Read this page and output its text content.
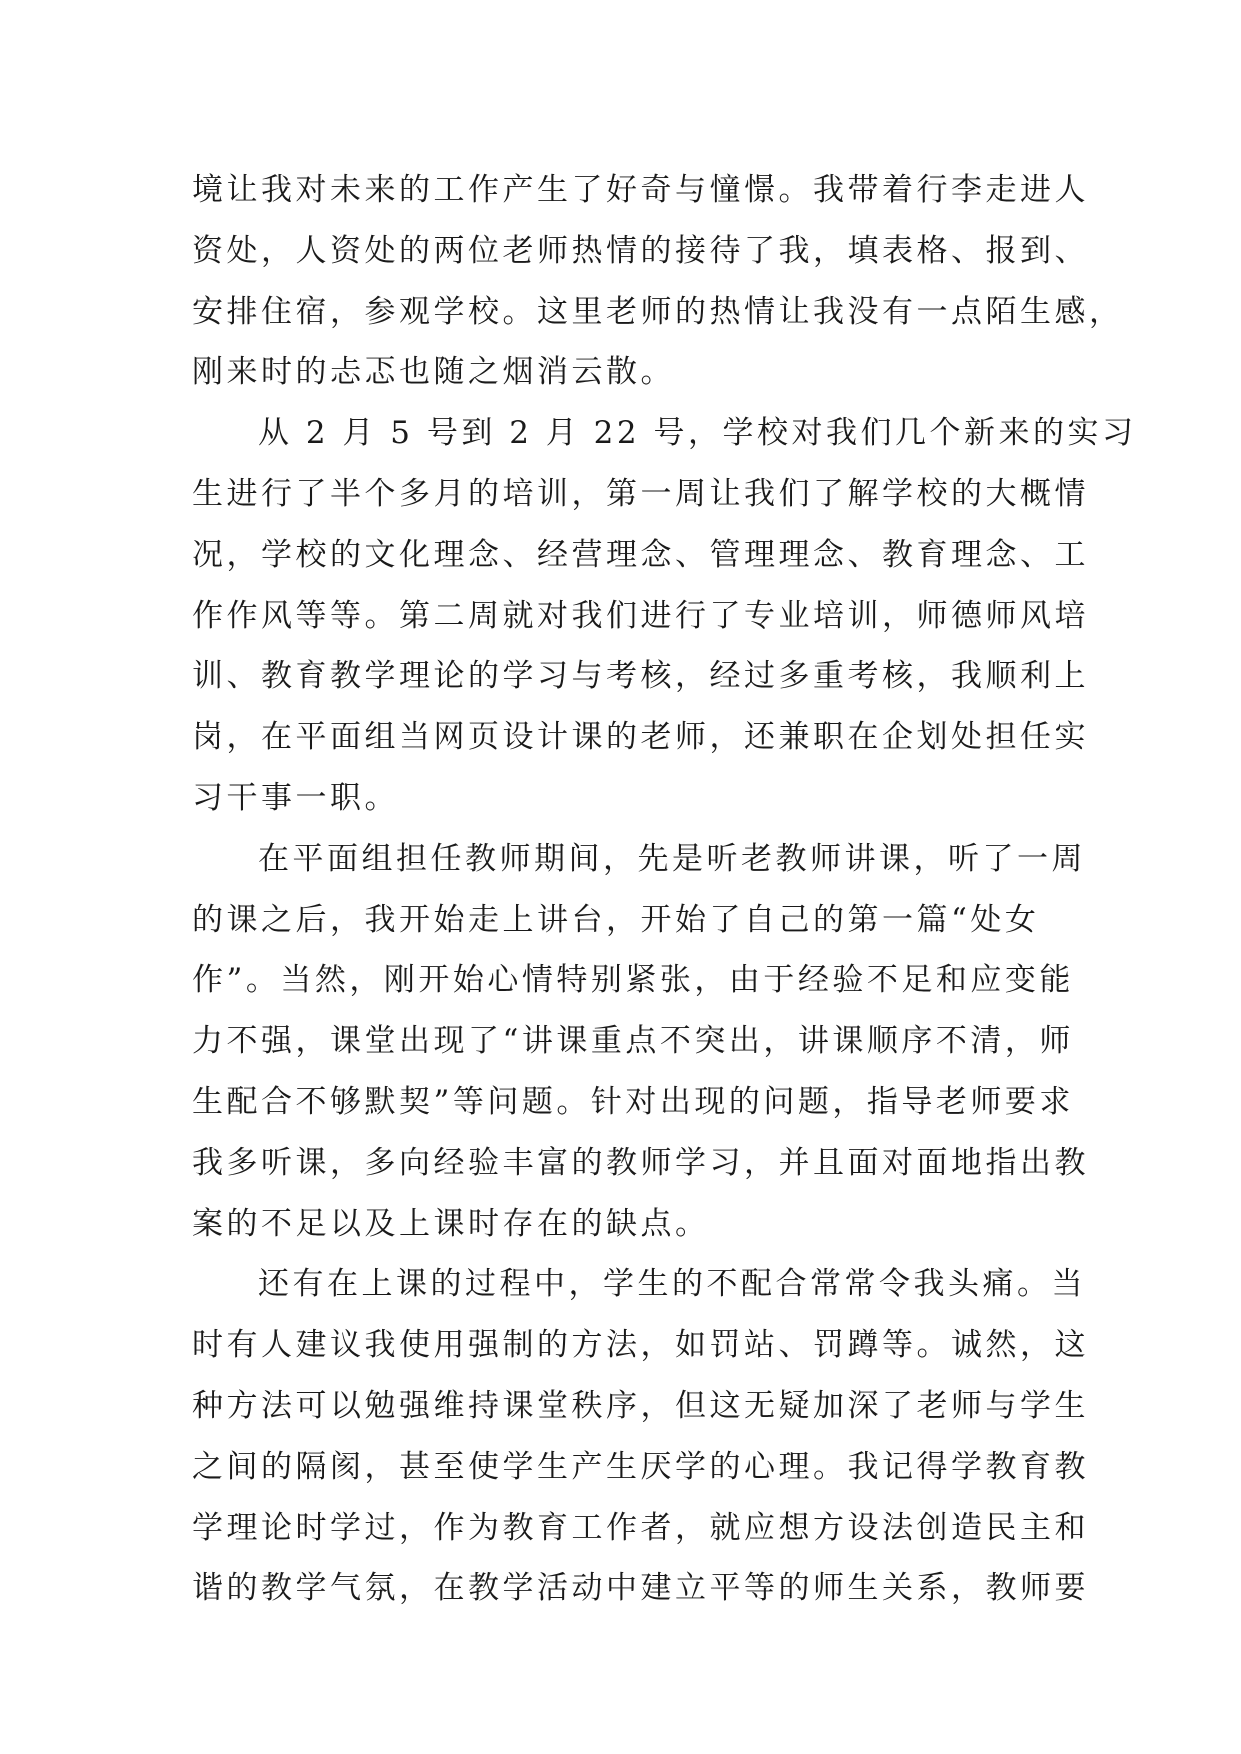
境让我对未来的工作产生了好奇与憧憬。我带着行李走进人
资处，人资处的两位老师热情的接待了我，填表格、报到、
安排住宿，参观学校。这里老师的热情让我没有一点陌生感，
刚来时的忐忑也随之烟消云散。
从 2 月 5 号到 2 月 22 号，学校对我们几个新来的实习
生进行了半个多月的培训，第一周让我们了解学校的大概情
况，学校的文化理念、经营理念、管理理念、教育理念、工
作作风等等。第二周就对我们进行了专业培训，师德师风培
训、教育教学理论的学习与考核，经过多重考核，我顺利上
岗，在平面组当网页设计课的老师，还兼职在企划处担任实
习干事一职。
在平面组担任教师期间，先是听老教师讲课，听了一周
的课之后，我开始走上讲台，开始了自己的第一篇“处女
作”。当然，刚开始心情特别紧张，由于经验不足和应变能
力不强，课堂出现了“讲课重点不突出，讲课顺序不清，师
生配合不够默契”等问题。针对出现的问题，指导老师要求
我多听课，多向经验丰富的教师学习，并且面对面地指出教
案的不足以及上课时存在的缺点。
还有在上课的过程中，学生的不配合常常令我头痛。当
时有人建议我使用强制的方法，如罚站、罚蹲等。诚然，这
种方法可以勉强维持课堂秩序，但这无疑加深了老师与学生
之间的隔阂，甚至使学生产生厌学的心理。我记得学教育教
学理论时学过，作为教育工作者，就应想方设法创造民主和
谐的教学气氛，在教学活动中建立平等的师生关系，教师要
